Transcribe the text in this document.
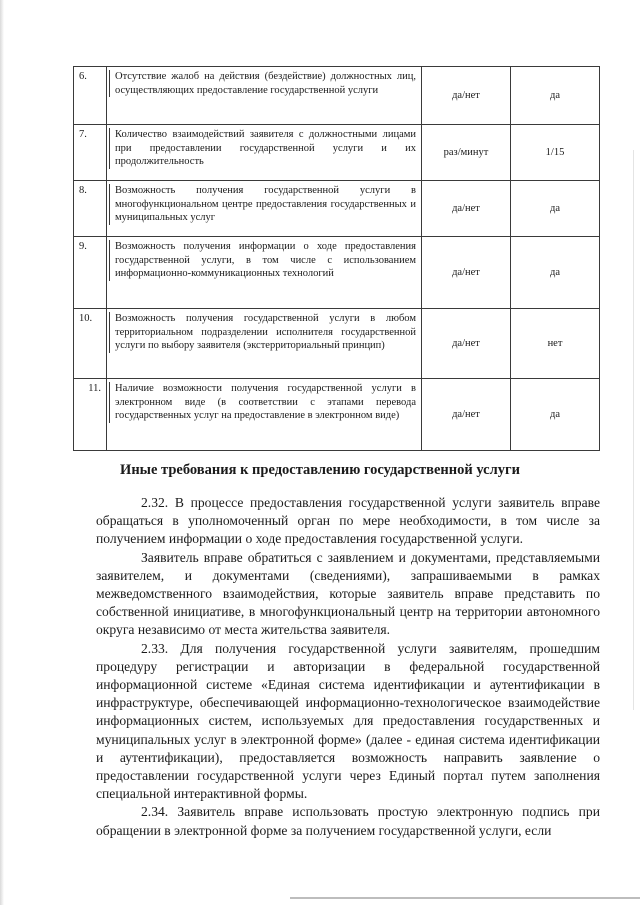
6.	Отсутствие жалоб на действия (бездействие) должностных лиц, осуществляющих предоставление государственной услуги	да/нет	да
7.	Количество взаимодействий заявителя с должностными лицами при предоставлении государственной услуги и их продолжительность	раз/минут	1/15
8.	Возможность получения государственной услуги в многофункциональном центре предоставления государственных и муниципальных услуг	да/нет	да
9.	Возможность получения информации о ходе предоставления государственной услуги, в том числе с использованием информационно-коммуникационных технологий	да/нет	да
10.	Возможность получения государственной услуги в любом территориальном подразделении исполнителя государственной услуги по выбору заявителя (экстерриториальный принцип)	да/нет	нет
11.	Наличие возможности получения государственной услуги в электронном виде (в соответствии с этапами перевода государственных услуг на предоставление в электронном виде)	да/нет	да
Иные требования к предоставлению государственной услуги

2.32. В процессе предоставления государственной услуги заявитель вправе обращаться в уполномоченный орган по мере необходимости, в том числе за получением информации о ходе предоставления государственной услуги.

Заявитель вправе обратиться с заявлением и документами, представляемыми заявителем, и документами (сведениями), запрашиваемыми в рамках межведомственного взаимодействия, которые заявитель вправе представить по собственной инициативе, в многофункциональный центр на территории автономного округа независимо от места жительства заявителя.

2.33. Для получения государственной услуги заявителям, прошедшим процедуру регистрации и авторизации в федеральной государственной информационной системе «Единая система идентификации и аутентификации в инфраструктуре, обеспечивающей информационно-технологическое взаимодействие информационных систем, используемых для предоставления государственных и муниципальных услуг в электронной форме» (далее - единая система идентификации и аутентификации), предоставляется возможность направить заявление о предоставлении государственной услуги через Единый портал путем заполнения специальной интерактивной формы.

2.34. Заявитель вправе использовать простую электронную подпись при обращении в электронной форме за получением государственной услуги, если
